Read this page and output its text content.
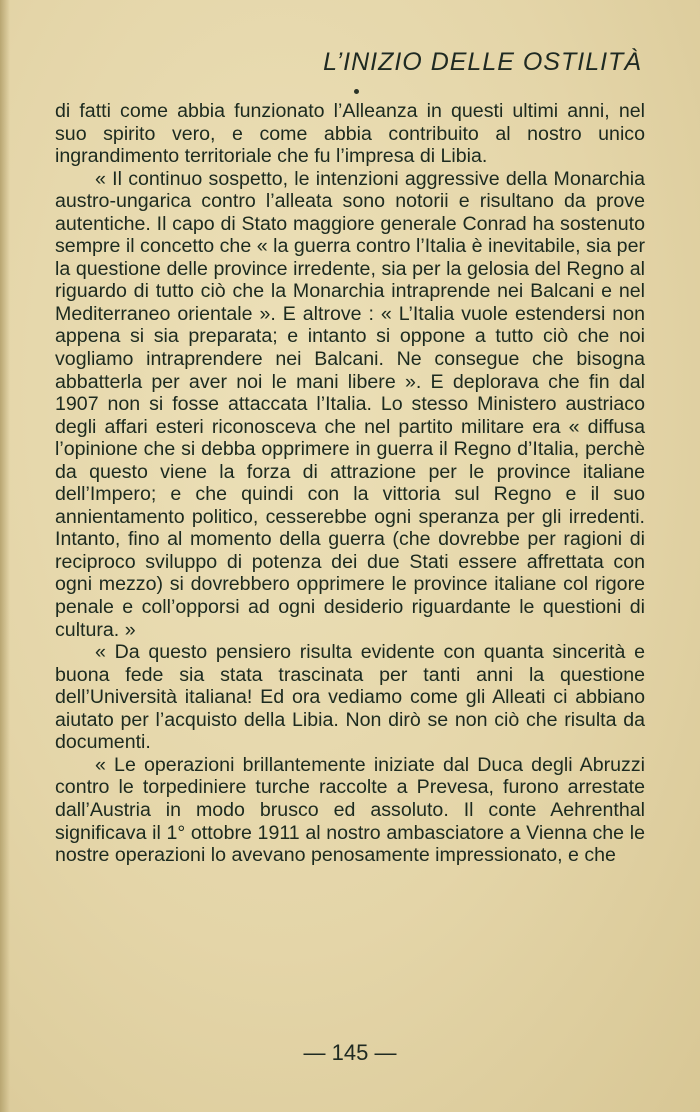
L’INIZIO DELLE OSTILITÀ

di fatti come abbia funzionato l’Alleanza in questi ultimi anni, nel suo spirito vero, e come abbia contribuito al nostro unico ingrandimento territoriale che fu l’impresa di Libia.

« Il continuo sospetto, le intenzioni aggressive della Monarchia austro-ungarica contro l’alleata sono notorii e risultano da prove autentiche. Il capo di Stato maggiore generale Conrad ha sostenuto sempre il concetto che « la guerra contro l’Italia è inevitabile, sia per la questione delle province irredente, sia per la gelosia del Regno al riguardo di tutto ciò che la Monarchia intraprende nei Balcani e nel Mediterraneo orientale ». E altrove : « L’Italia vuole estendersi non appena si sia preparata; e intanto si oppone a tutto ciò che noi vogliamo intraprendere nei Balcani. Ne consegue che bisogna abbatterla per aver noi le mani libere ». E deplorava che fin dal 1907 non si fosse attaccata l’Italia. Lo stesso Ministero austriaco degli affari esteri riconosceva che nel partito militare era « diffusa l’opinione che si debba opprimere in guerra il Regno d’Italia, perchè da questo viene la forza di attrazione per le province italiane dell’Impero; e che quindi con la vittoria sul Regno e il suo annientamento politico, cesserebbe ogni speranza per gli irredenti. Intanto, fino al momento della guerra (che dovrebbe per ragioni di reciproco sviluppo di potenza dei due Stati essere affrettata con ogni mezzo) si dovrebbero opprimere le province italiane col rigore penale e coll’opporsi ad ogni desiderio riguardante le questioni di cultura. »

« Da questo pensiero risulta evidente con quanta sincerità e buona fede sia stata trascinata per tanti anni la questione dell’Università italiana! Ed ora vediamo come gli Alleati ci abbiano aiutato per l’acquisto della Libia. Non dirò se non ciò che risulta da documenti.

« Le operazioni brillantemente iniziate dal Duca degli Abruzzi contro le torpediniere turche raccolte a Prevesa, furono arrestate dall’Austria in modo brusco ed assoluto. Il conte Aehrenthal significava il 1° ottobre 1911 al nostro ambasciatore a Vienna che le nostre operazioni lo avevano penosamente impressionato, e che

— 145 —
